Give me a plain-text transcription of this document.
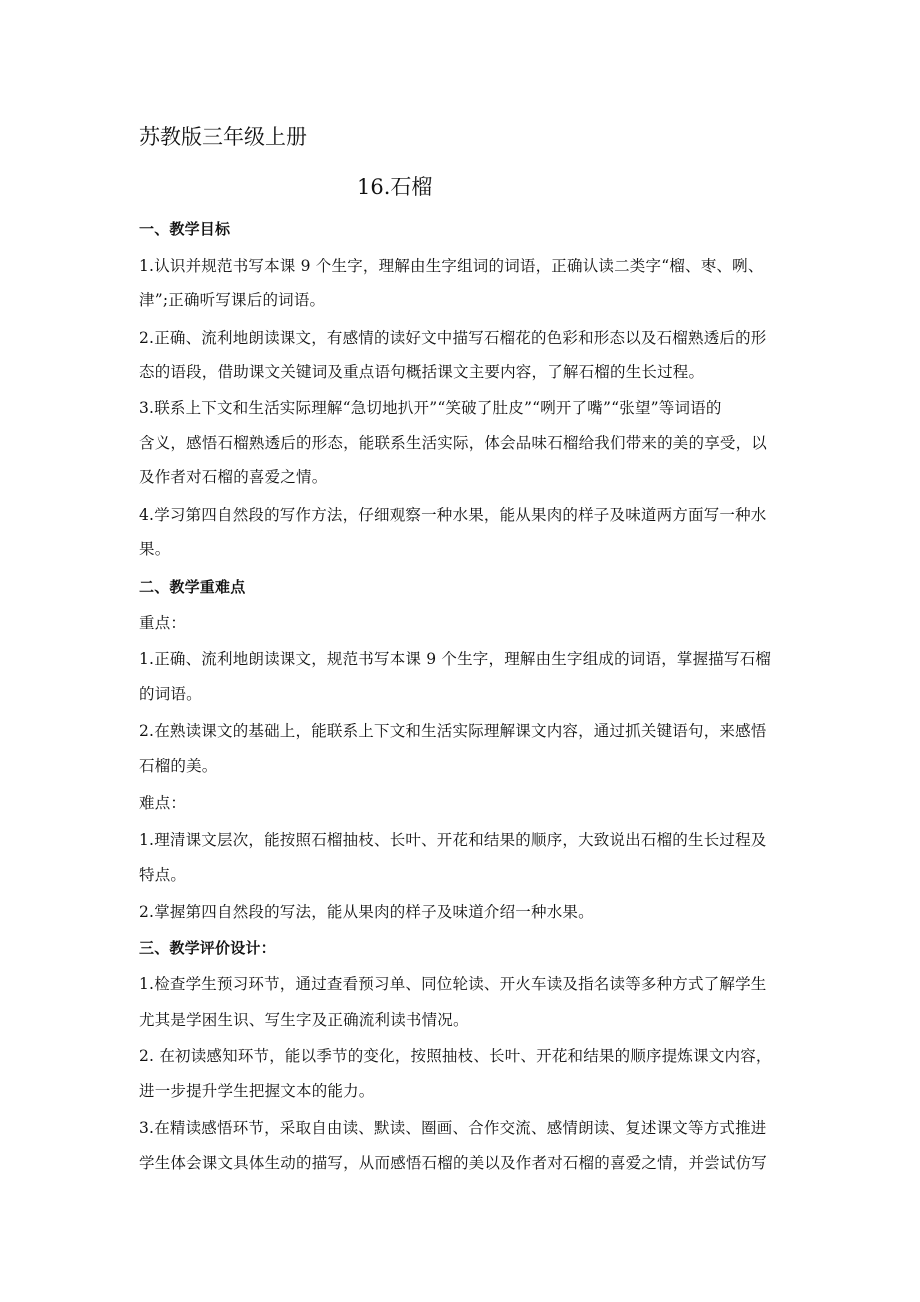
苏教版三年级上册
16.石榴
一、教学目标
1.认识并规范书写本课 9 个生字，理解由生字组词的词语，正确认读二类字“榴、枣、咧、
津”;正确听写课后的词语。
2.正确、流利地朗读课文，有感情的读好文中描写石榴花的色彩和形态以及石榴熟透后的形
态的语段，借助课文关键词及重点语句概括课文主要内容，了解石榴的生长过程。
3.联系上下文和生活实际理解“急切地扒开”“笑破了肚皮”“咧开了嘴”“张望”等词语的
含义，感悟石榴熟透后的形态，能联系生活实际，体会品味石榴给我们带来的美的享受，以
及作者对石榴的喜爱之情。
4.学习第四自然段的写作方法，仔细观察一种水果，能从果肉的样子及味道两方面写一种水
果。
二、教学重难点
重点：
1.正确、流利地朗读课文，规范书写本课 9 个生字，理解由生字组成的词语，掌握描写石榴
的词语。
2.在熟读课文的基础上，能联系上下文和生活实际理解课文内容，通过抓关键语句，来感悟
石榴的美。
难点：
1.理清课文层次，能按照石榴抽枝、长叶、开花和结果的顺序，大致说出石榴的生长过程及
特点。
2.掌握第四自然段的写法，能从果肉的样子及味道介绍一种水果。
三、教学评价设计：
1.检查学生预习环节，通过查看预习单、同位轮读、开火车读及指名读等多种方式了解学生
尤其是学困生识、写生字及正确流利读书情况。
2. 在初读感知环节，能以季节的变化，按照抽枝、长叶、开花和结果的顺序提炼课文内容，
进一步提升学生把握文本的能力。
3.在精读感悟环节，采取自由读、默读、圈画、合作交流、感情朗读、复述课文等方式推进
学生体会课文具体生动的描写，从而感悟石榴的美以及作者对石榴的喜爱之情，并尝试仿写
